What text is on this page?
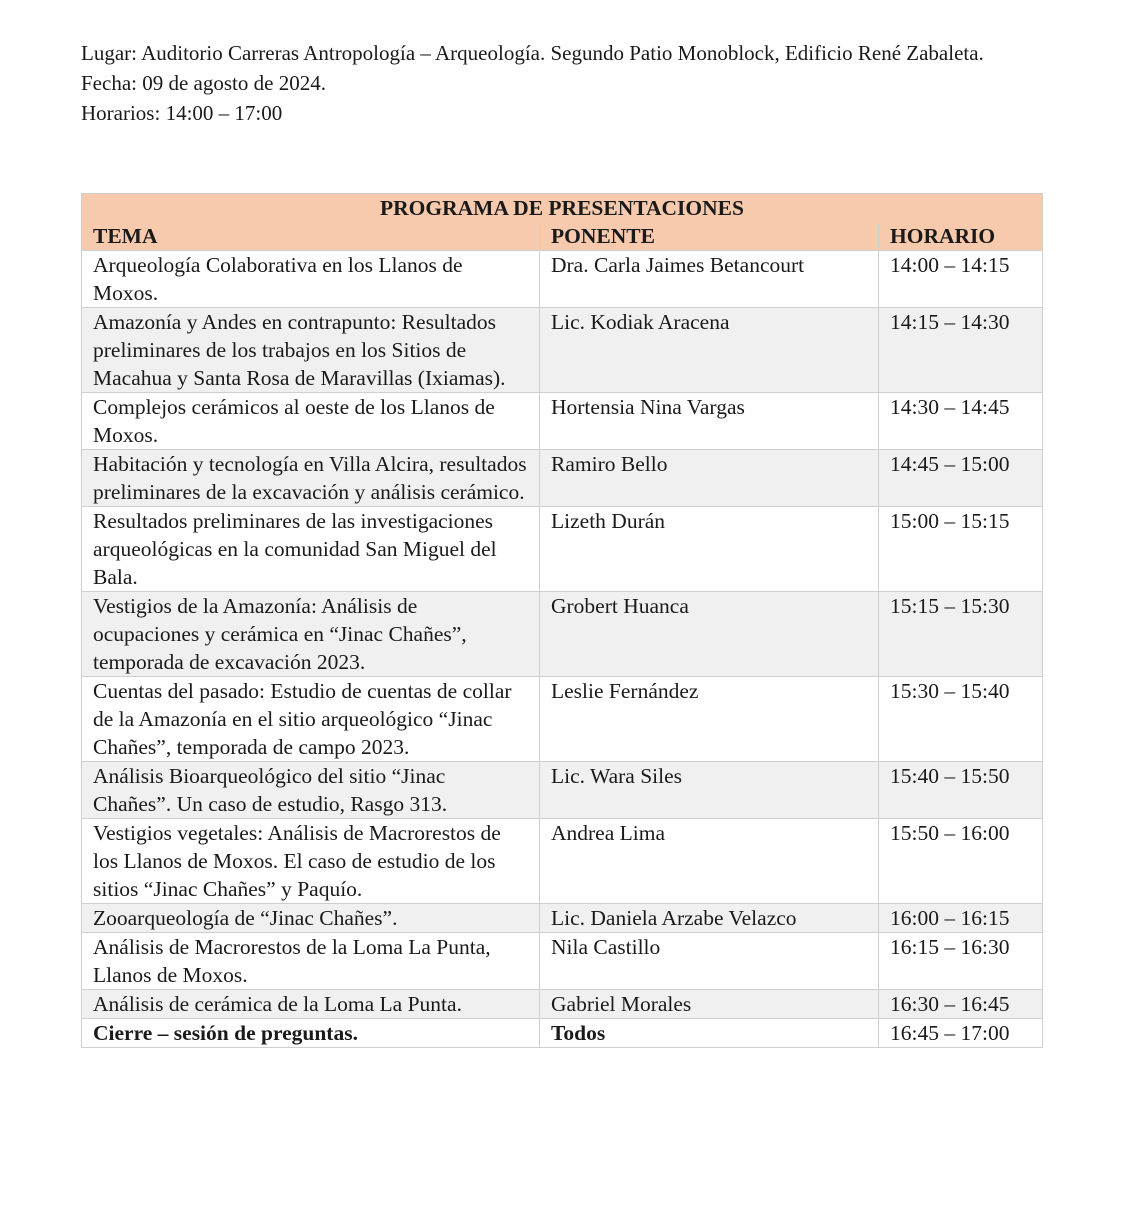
Lugar: Auditorio Carreras Antropología – Arqueología. Segundo Patio Monoblock, Edificio René Zabaleta.

Fecha: 09 de agosto de 2024.

Horarios: 14:00 – 17:00

PROGRAMA DE PRESENTACIONES		
TEMA	PONENTE	HORARIO
Arqueología Colaborativa en los Llanos de Moxos.	Dra. Carla Jaimes Betancourt	14:00 – 14:15
Amazonía y Andes en contrapunto: Resultados preliminares de los trabajos en los Sitios de Macahua y Santa Rosa de Maravillas (Ixiamas).	Lic. Kodiak Aracena	14:15 – 14:30
Complejos cerámicos al oeste de los Llanos de Moxos.	Hortensia Nina Vargas	14:30 – 14:45
Habitación y tecnología en Villa Alcira, resultados preliminares de la excavación y análisis cerámico.	Ramiro Bello	14:45 – 15:00
Resultados preliminares de las investigaciones arqueológicas en la comunidad San Miguel del Bala.	Lizeth Durán	15:00 – 15:15
Vestigios de la Amazonía: Análisis de ocupaciones y cerámica en “Jinac Chañes”, temporada de excavación 2023.	Grobert Huanca	15:15 – 15:30
Cuentas del pasado: Estudio de cuentas de collar de la Amazonía en el sitio arqueológico “Jinac Chañes”, temporada de campo 2023.	Leslie Fernández	15:30 – 15:40
Análisis Bioarqueológico del sitio “Jinac Chañes”. Un caso de estudio, Rasgo 313.	Lic. Wara Siles	15:40 – 15:50
Vestigios vegetales: Análisis de Macrorestos de los Llanos de Moxos. El caso de estudio de los sitios “Jinac Chañes” y Paquío.	Andrea Lima	15:50 – 16:00
Zooarqueología de “Jinac Chañes”.	Lic. Daniela Arzabe Velazco	16:00 – 16:15
Análisis de Macrorestos de la Loma La Punta, Llanos de Moxos.	Nila Castillo	16:15 – 16:30
Análisis de cerámica de la Loma La Punta.	Gabriel Morales	16:30 – 16:45
Cierre – sesión de preguntas.	Todos	16:45 – 17:00
